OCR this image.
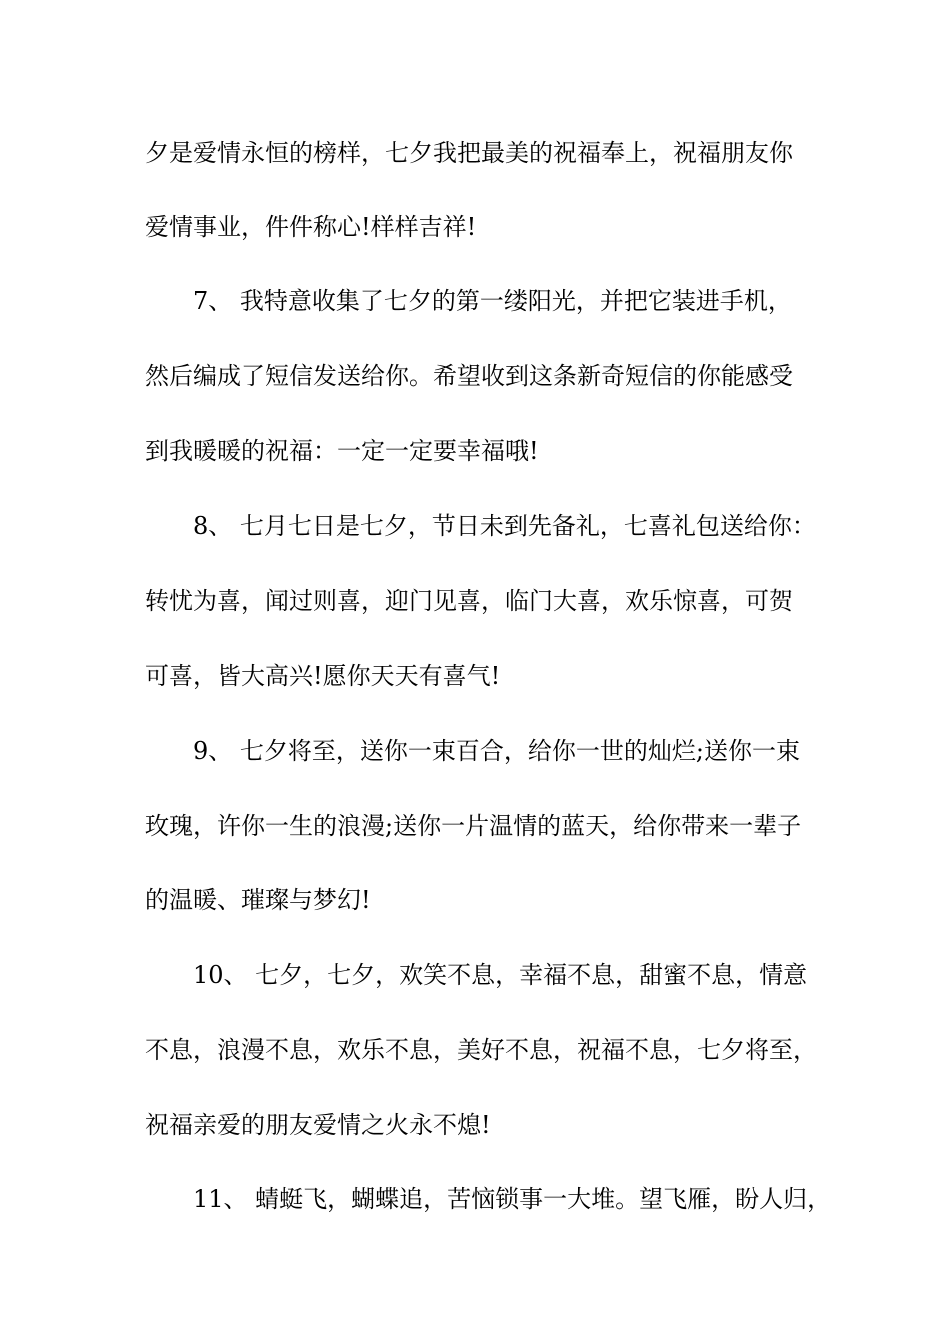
夕是爱情永恒的榜样，七夕我把最美的祝福奉上，祝福朋友你
爱情事业，件件称心!样样吉祥!
7、 我特意收集了七夕的第一缕阳光，并把它装进手机，
然后编成了短信发送给你。希望收到这条新奇短信的你能感受
到我暖暖的祝福：一定一定要幸福哦!
8、 七月七日是七夕，节日未到先备礼，七喜礼包送给你：
转忧为喜，闻过则喜，迎门见喜，临门大喜，欢乐惊喜，可贺
可喜，皆大高兴!愿你天天有喜气!
9、 七夕将至，送你一束百合，给你一世的灿烂;送你一束
玫瑰，许你一生的浪漫;送你一片温情的蓝天，给你带来一辈子
的温暖、璀璨与梦幻!
10、 七夕，七夕，欢笑不息，幸福不息，甜蜜不息，情意
不息，浪漫不息，欢乐不息，美好不息，祝福不息，七夕将至，
祝福亲爱的朋友爱情之火永不熄!
11、 蜻蜓飞，蝴蝶追，苦恼锁事一大堆。望飞雁，盼人归，
